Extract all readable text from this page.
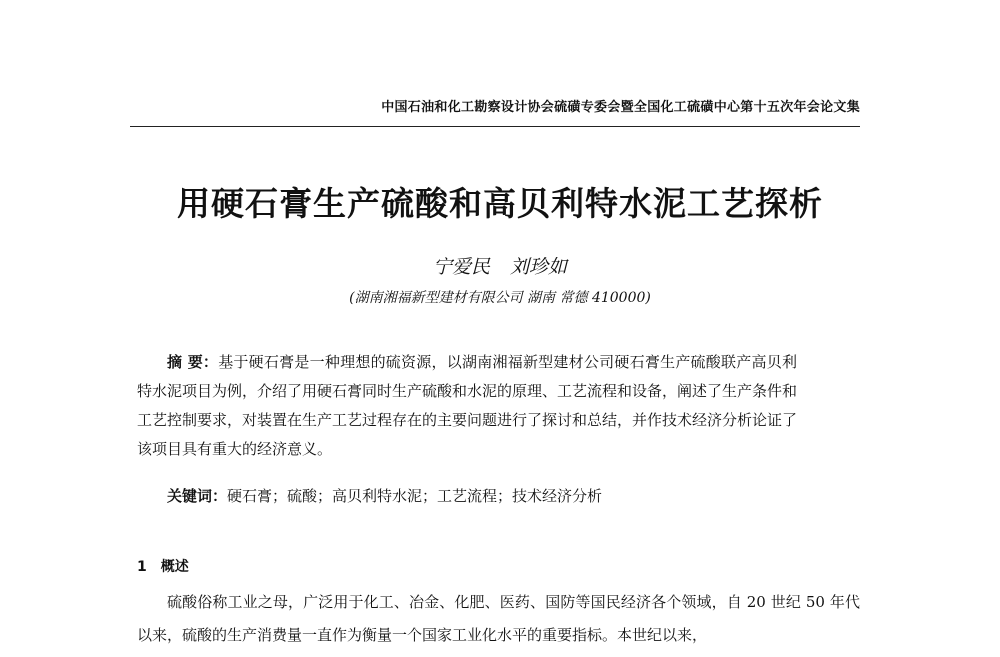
中国石油和化工勘察设计协会硫磺专委会暨全国化工硫磺中心第十五次年会论文集
用硬石膏生产硫酸和高贝利特水泥工艺探析
宁爱民 刘珍如
(湖南湘福新型建材有限公司 湖南 常德 410000)
摘 要：基于硬石膏是一种理想的硫资源，以湖南湘福新型建材公司硬石膏生产硫酸联产高贝利特水泥项目为例，介绍了用硬石膏同时生产硫酸和水泥的原理、工艺流程和设备，阐述了生产条件和工艺控制要求，对装置在生产工艺过程存在的主要问题进行了探讨和总结，并作技术经济分析论证了该项目具有重大的经济意义。
关键词：硬石膏；硫酸；高贝利特水泥；工艺流程；技术经济分析
1 概述
硫酸俗称工业之母，广泛用于化工、冶金、化肥、医药、国防等国民经济各个领域，自 20 世纪 50 年代以来，硫酸的生产消费量一直作为衡量一个国家工业化水平的重要指标。本世纪以来，
